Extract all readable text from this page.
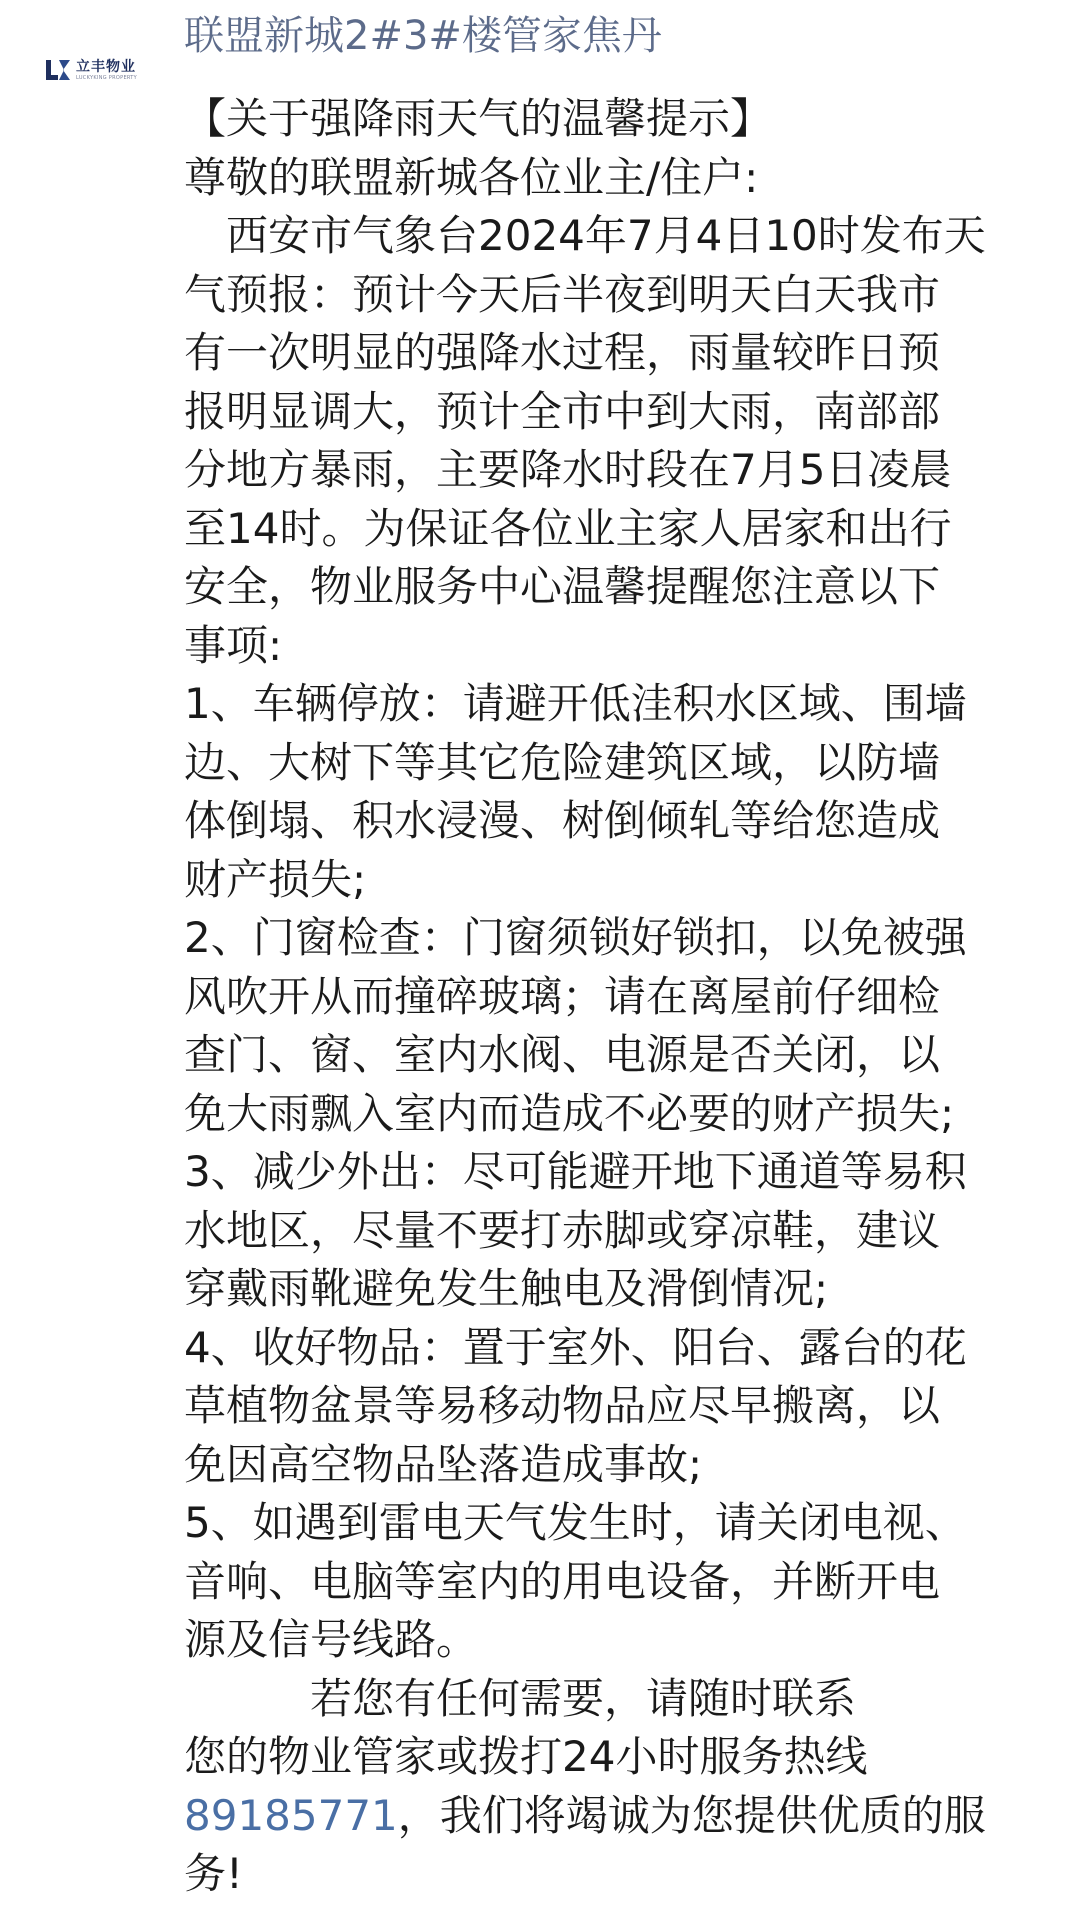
立丰物业
LUCKYKING PROPERTY
联盟新城2#3#楼管家焦丹
【关于强降雨天气的温馨提示】
尊敬的联盟新城各位业主/住户:
西安市气象台2024年7月4日10时发布天
气预报：预计今天后半夜到明天白天我市
有一次明显的强降水过程，雨量较昨日预
报明显调大，预计全市中到大雨，南部部
分地方暴雨，主要降水时段在7月5日凌晨
至14时。为保证各位业主家人居家和出行
安全，物业服务中心温馨提醒您注意以下
事项:
1、车辆停放：请避开低洼积水区域、围墙
边、大树下等其它危险建筑区域，以防墙
体倒塌、积水浸漫、树倒倾轧等给您造成
财产损失;
2、门窗检查：门窗须锁好锁扣，以免被强
风吹开从而撞碎玻璃；请在离屋前仔细检
查门、窗、室内水阀、电源是否关闭，以
免大雨飘入室内而造成不必要的财产损失;
3、减少外出：尽可能避开地下通道等易积
水地区，尽量不要打赤脚或穿凉鞋，建议
穿戴雨靴避免发生触电及滑倒情况;
4、收好物品：置于室外、阳台、露台的花
草植物盆景等易移动物品应尽早搬离，以
免因高空物品坠落造成事故;
5、如遇到雷电天气发生时，请关闭电视、
音响、电脑等室内的用电设备，并断开电
源及信号线路。
若您有任何需要，请随时联系
您的物业管家或拨打24小时服务热线
89185771，我们将竭诚为您提供优质的服
务!
